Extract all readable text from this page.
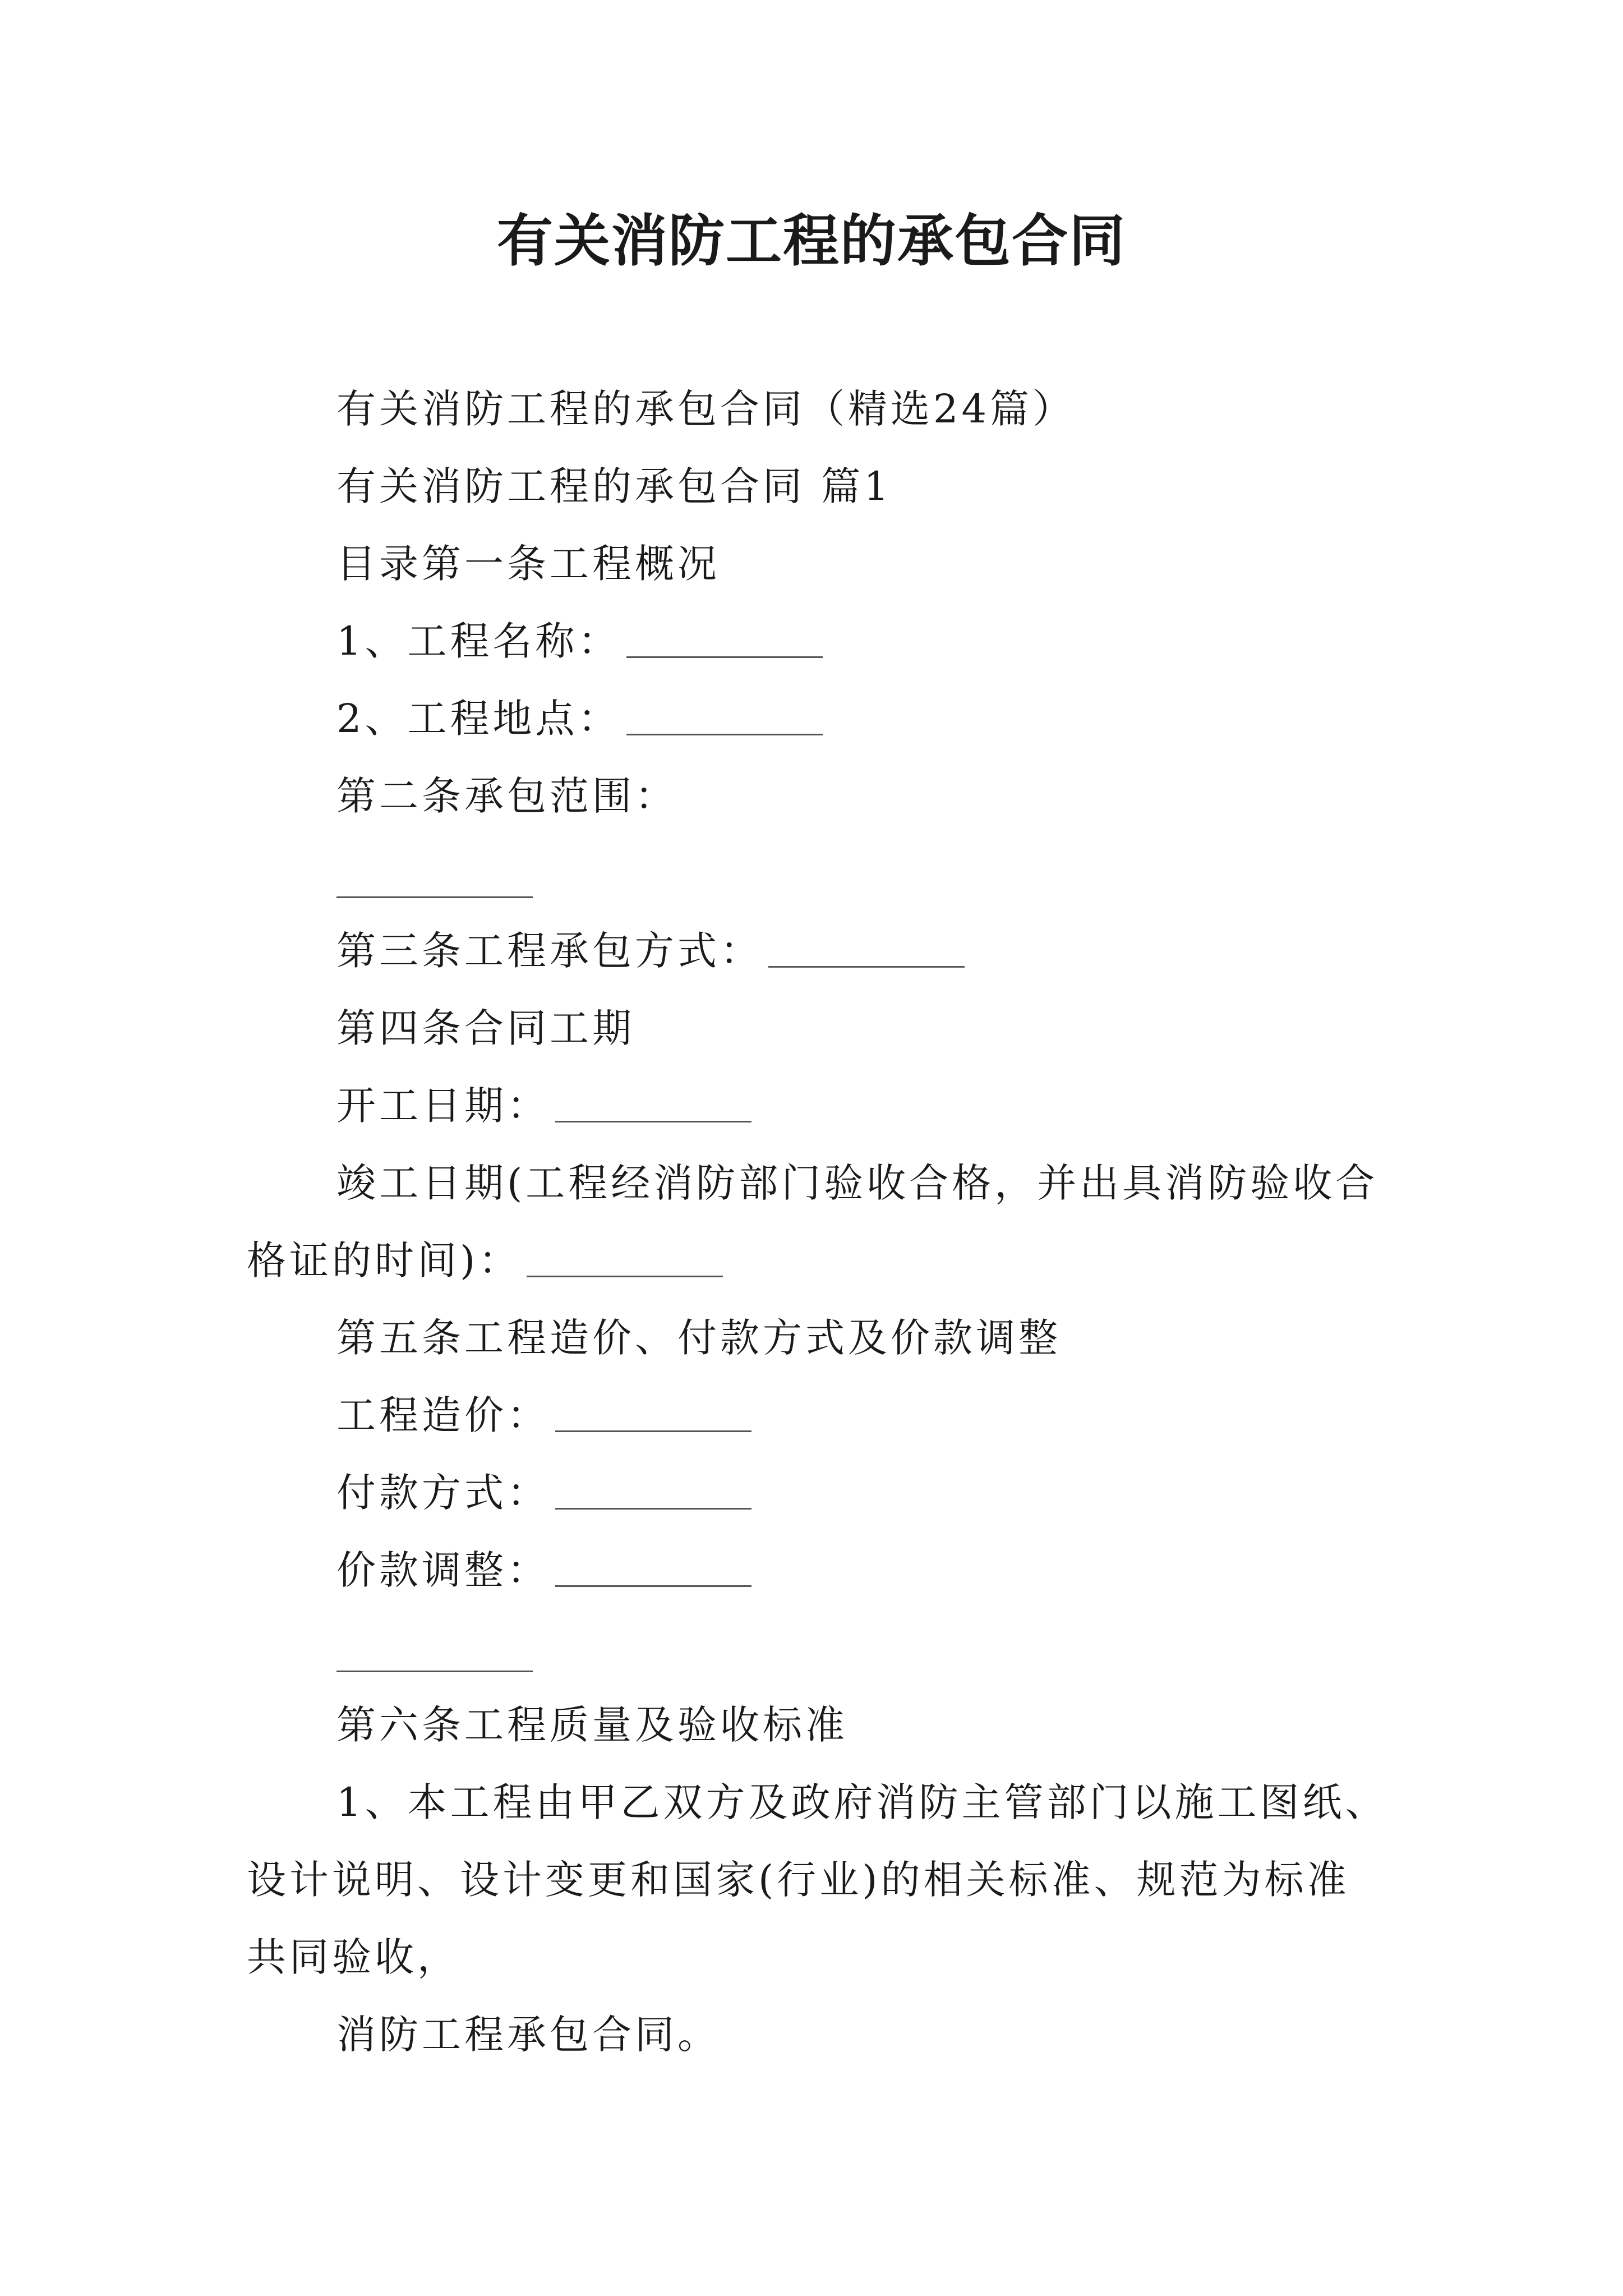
有关消防工程的承包合同

有关消防工程的承包合同（精选24篇）

有关消防工程的承包合同 篇1

目录第一条工程概况

1、工程名称：

2、工程地点：

第二条承包范围：

第三条工程承包方式：

第四条合同工期

开工日期：

竣工日期(工程经消防部门验收合格，并出具消防验收合格证的时间)：

第五条工程造价、付款方式及价款调整

工程造价：

付款方式：

价款调整：

第六条工程质量及验收标准

1、本工程由甲乙双方及政府消防主管部门以施工图纸、设计说明、设计变更和国家(行业)的相关标准、规范为标准共同验收，

消防工程承包合同。
